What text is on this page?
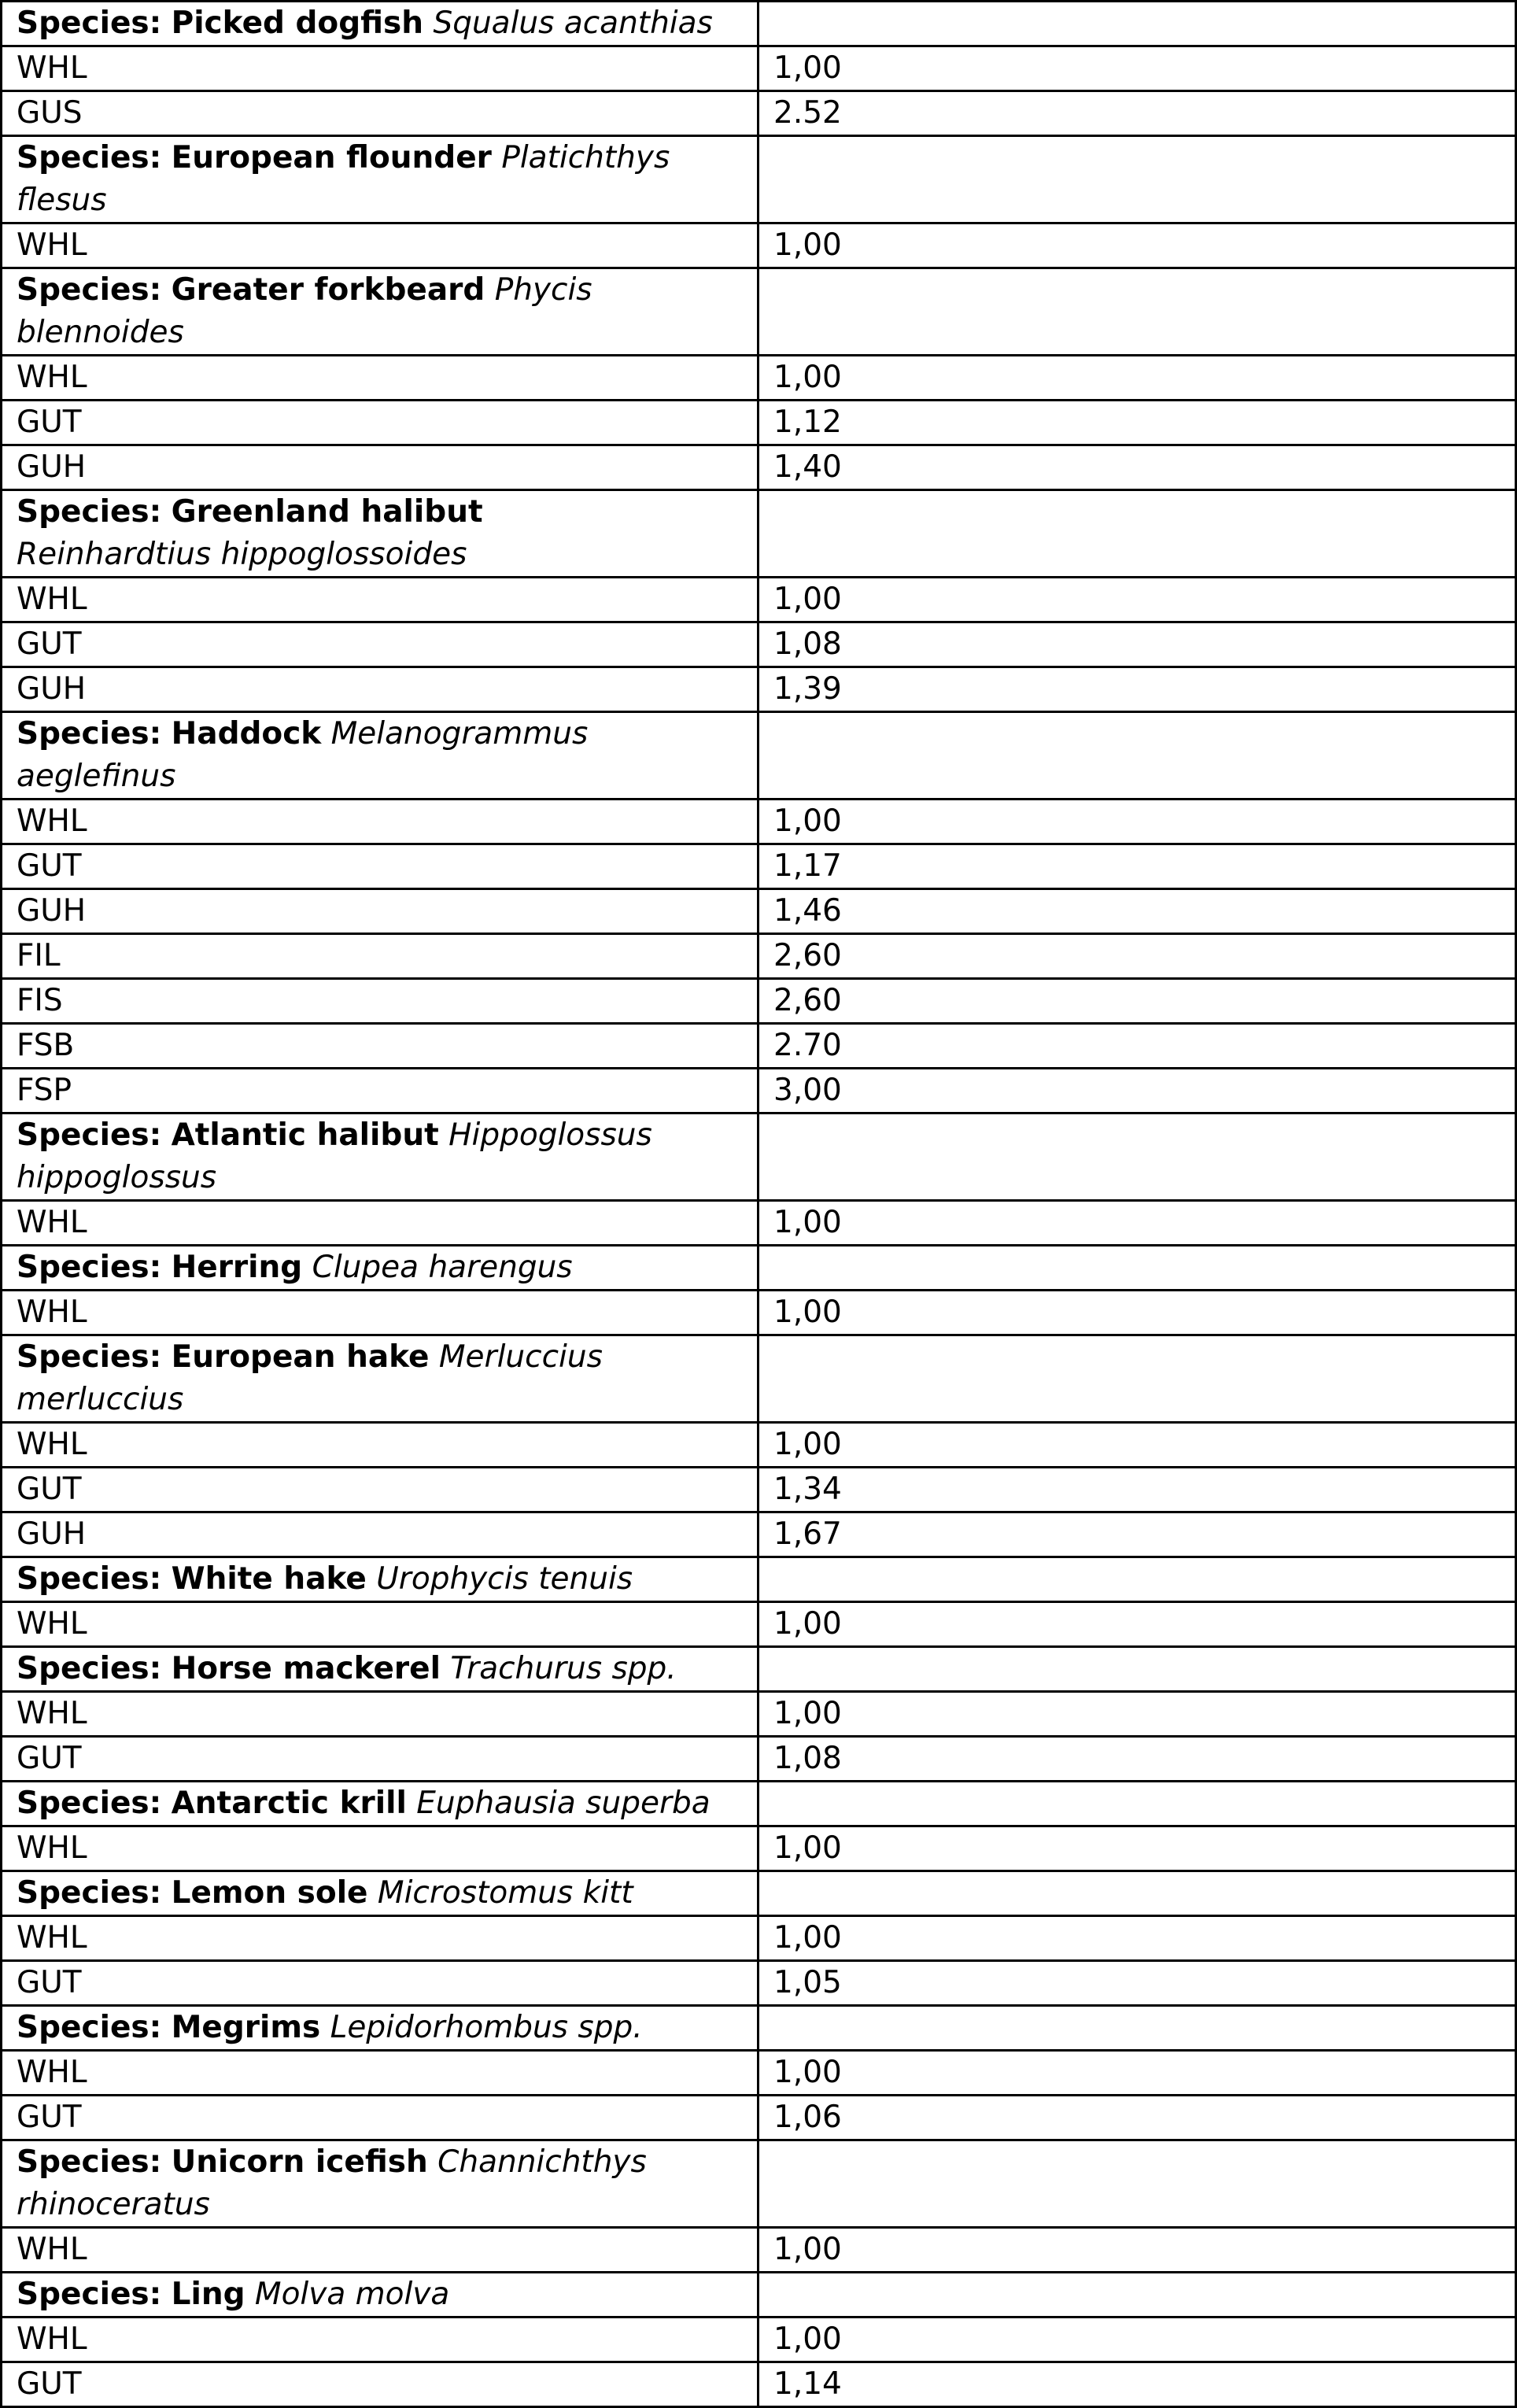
Species: Picked dogfish Squalus acanthias	
WHL	1,00
GUS	2.52
Species: European flounder Platichthys flesus	
WHL	1,00
Species: Greater forkbeard Phycis blennoides	
WHL	1,00
GUT	1,12
GUH	1,40
Species: Greenland halibut Reinhardtius hippoglossoides	
WHL	1,00
GUT	1,08
GUH	1,39
Species: Haddock Melanogrammus aeglefinus	
WHL	1,00
GUT	1,17
GUH	1,46
FIL	2,60
FIS	2,60
FSB	2.70
FSP	3,00
Species: Atlantic halibut Hippoglossus hippoglossus	
WHL	1,00
Species: Herring Clupea harengus	
WHL	1,00
Species: European hake Merluccius merluccius	
WHL	1,00
GUT	1,34
GUH	1,67
Species: White hake Urophycis tenuis	
WHL	1,00
Species: Horse mackerel Trachurus spp.	
WHL	1,00
GUT	1,08
Species: Antarctic krill Euphausia superba	
WHL	1,00
Species: Lemon sole Microstomus kitt	
WHL	1,00
GUT	1,05
Species: Megrims Lepidorhombus spp.	
WHL	1,00
GUT	1,06
Species: Unicorn icefish Channichthys rhinoceratus	
WHL	1,00
Species: Ling Molva molva	
WHL	1,00
GUT	1,14
